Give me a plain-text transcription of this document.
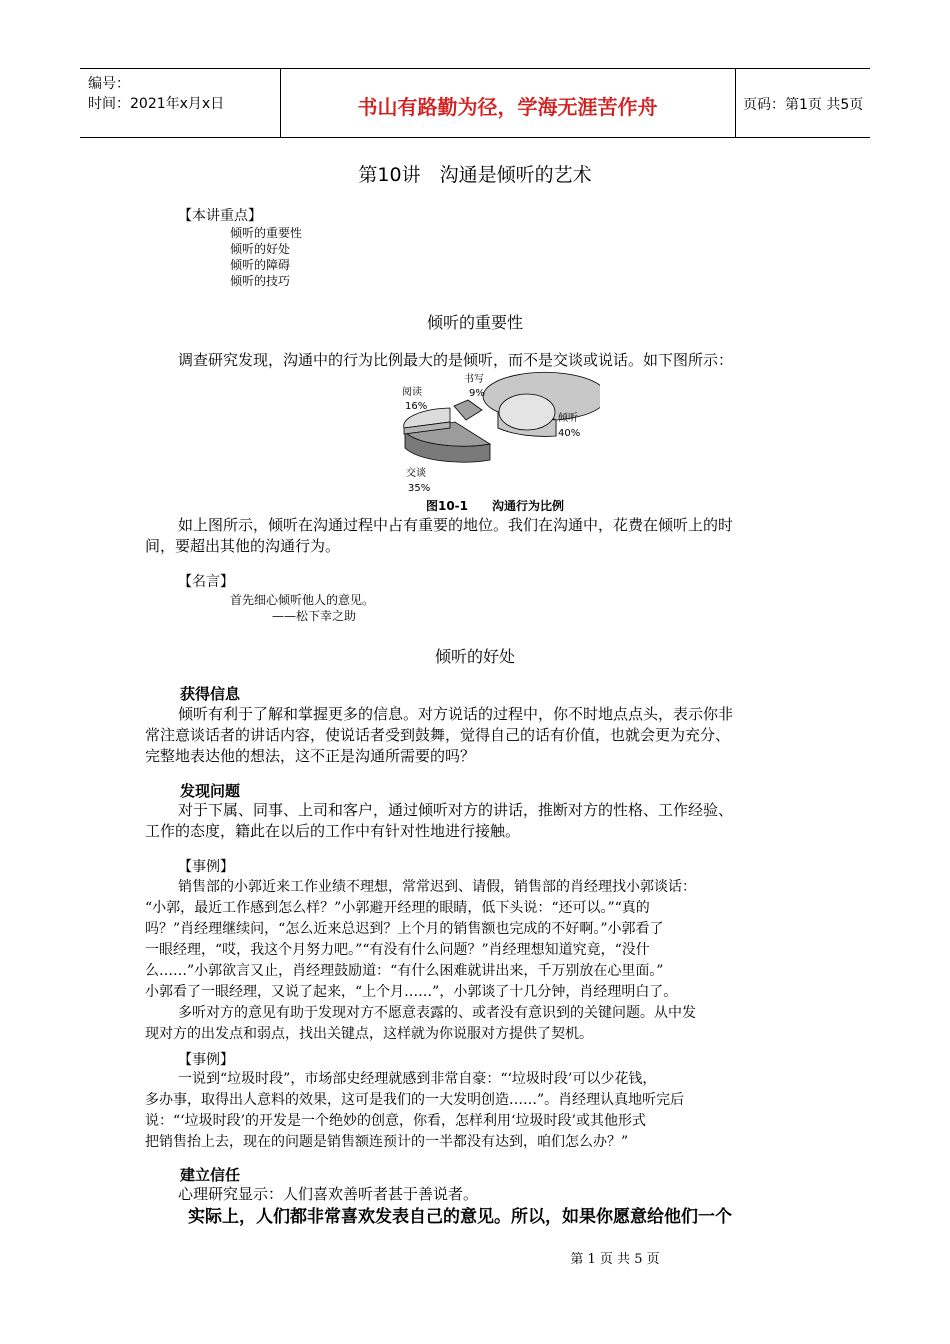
编号：
时间：2021年x月x日	书山有路勤为径，学海无涯苦作舟	页码：第1页 共5页
第10讲　沟通是倾听的艺术
【本讲重点】
倾听的重要性
倾听的好处
倾听的障碍
倾听的技巧
倾听的重要性
调查研究发现，沟通中的行为比例最大的是倾听，而不是交谈或说话。如下图所示：
阅读
16%
书写
9%
倾听
40%
交谈
35%
图10-1　　沟通行为比例
如上图所示，倾听在沟通过程中占有重要的地位。我们在沟通中，花费在倾听上的时
间，要超出其他的沟通行为。
【名言】
首先细心倾听他人的意见。
——松下幸之助
倾听的好处
获得信息
倾听有利于了解和掌握更多的信息。对方说话的过程中，你不时地点点头，表示你非
常注意谈话者的讲话内容，使说话者受到鼓舞，觉得自己的话有价值，也就会更为充分、
完整地表达他的想法，这不正是沟通所需要的吗？
发现问题
对于下属、同事、上司和客户，通过倾听对方的讲话，推断对方的性格、工作经验、
工作的态度，籍此在以后的工作中有针对性地进行接触。
【事例】
销售部的小郭近来工作业绩不理想，常常迟到、请假，销售部的肖经理找小郭谈话：
“小郭，最近工作感到怎么样？”小郭避开经理的眼睛，低下头说：“还可以。”“真的
吗？”肖经理继续问，“怎么近来总迟到？上个月的销售额也完成的不好啊。”小郭看了
一眼经理，“哎，我这个月努力吧。”“有没有什么问题？”肖经理想知道究竟，“没什
么……”小郭欲言又止，肖经理鼓励道：“有什么困难就讲出来，千万别放在心里面。”
小郭看了一眼经理，又说了起来，“上个月……”，小郭谈了十几分钟，肖经理明白了。
多听对方的意见有助于发现对方不愿意表露的、或者没有意识到的关键问题。从中发
现对方的出发点和弱点，找出关键点，这样就为你说服对方提供了契机。
【事例】
一说到“垃圾时段”，市场部史经理就感到非常自豪：“‘垃圾时段’可以少花钱，
多办事，取得出人意料的效果，这可是我们的一大发明创造……”。肖经理认真地听完后
说：“‘垃圾时段’的开发是一个绝妙的创意，你看，怎样利用‘垃圾时段’或其他形式
把销售抬上去，现在的问题是销售额连预计的一半都没有达到，咱们怎么办？”
建立信任
心理研究显示：人们喜欢善听者甚于善说者。
实际上，人们都非常喜欢发表自己的意见。所以，如果你愿意给他们一个
第 1 页 共 5 页
